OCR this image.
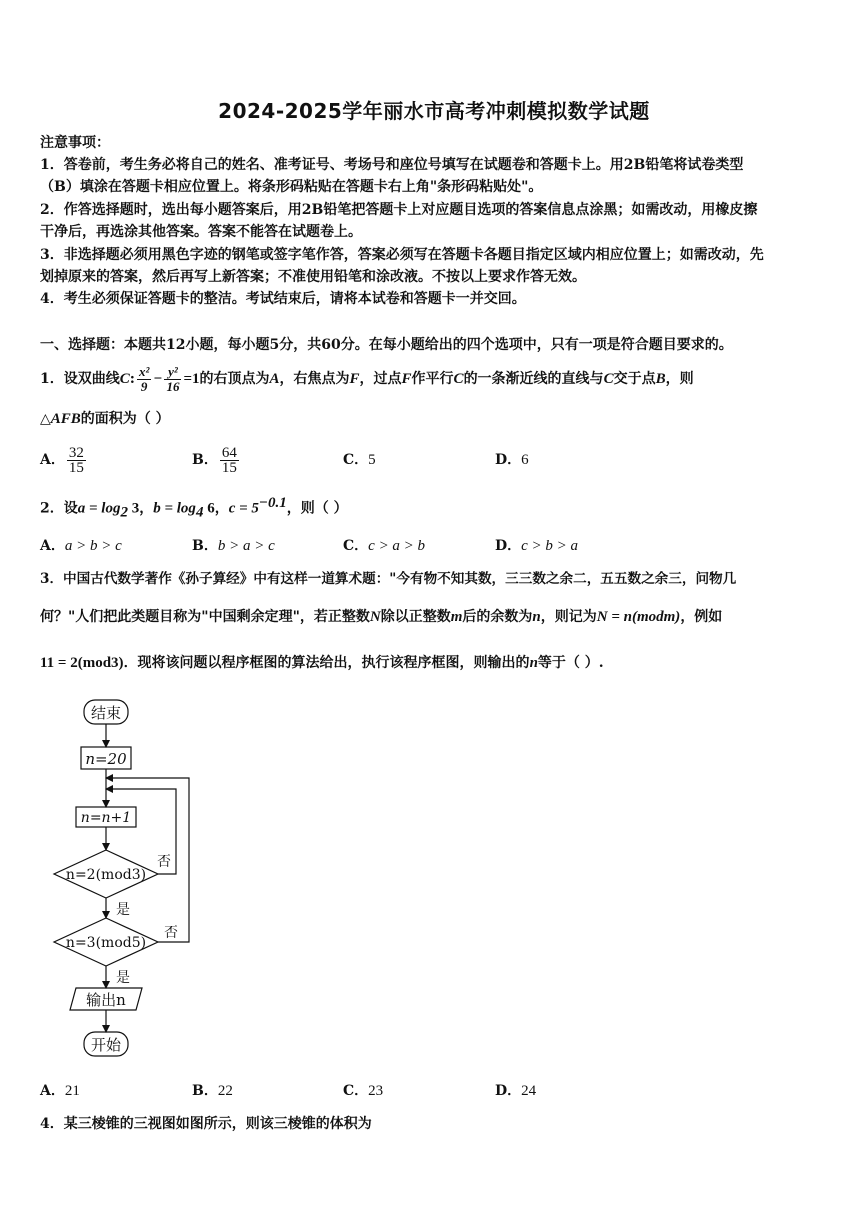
2024-2025学年丽水市高考冲刺模拟数学试题
注意事项：
1．答卷前，考生务必将自己的姓名、准考证号、考场号和座位号填写在试题卷和答题卡上。用2B铅笔将试卷类型
（B）填涂在答题卡相应位置上。将条形码粘贴在答题卡右上角"条形码粘贴处"。
2．作答选择题时，选出每小题答案后，用2B铅笔把答题卡上对应题目选项的答案信息点涂黑；如需改动，用橡皮擦
干净后，再选涂其他答案。答案不能答在试题卷上。
3．非选择题必须用黑色字迹的钢笔或签字笔作答，答案必须写在答题卡各题目指定区域内相应位置上；如需改动，先
划掉原来的答案，然后再写上新答案；不准使用铅笔和涂改液。不按以上要求作答无效。
4．考生必须保证答题卡的整洁。考试结束后，请将本试卷和答题卡一并交回。
一、选择题：本题共12小题，每小题5分，共60分。在每小题给出的四个选项中，只有一项是符合题目要求的。
1．设双曲线C: $\frac{\text{x²}}{9} - \frac{\text{y²}}{16} =1$的右顶点为A，右焦点为F，过点F作平行C的一条渐近线的直线与C交于点B，则
△AFB的面积为（ ）
A． $\frac{32}{15}$	B． $\frac{64}{15}$	C．5	D．6
2．设$a = \log_2 3$，$b = \log_4 6$，$c = 5^{-0.1}$，则（ ）
A．a > b > c	B．b > a > c	C．c > a > b	D．c > b > a
3．中国古代数学著作《孙子算经》中有这样一道算术题："今有物不知其数，三三数之余二，五五数之余三，问物几
何？"人们把此类题目称为"中国剩余定理"，若正整数N除以正整数m后的余数为n，则记为N = n(modm)，例如
11 = 2(mod3)．现将该问题以程序框图的算法给出，执行该程序框图，则输出的n等于（ ）.
结束
n=20
n=n+1
n=2(mod3)
n=3(mod5)
输出n
开始
是
是
否
否
A．21	B．22	C．23	D．24
4．某三棱锥的三视图如图所示，则该三棱锥的体积为
